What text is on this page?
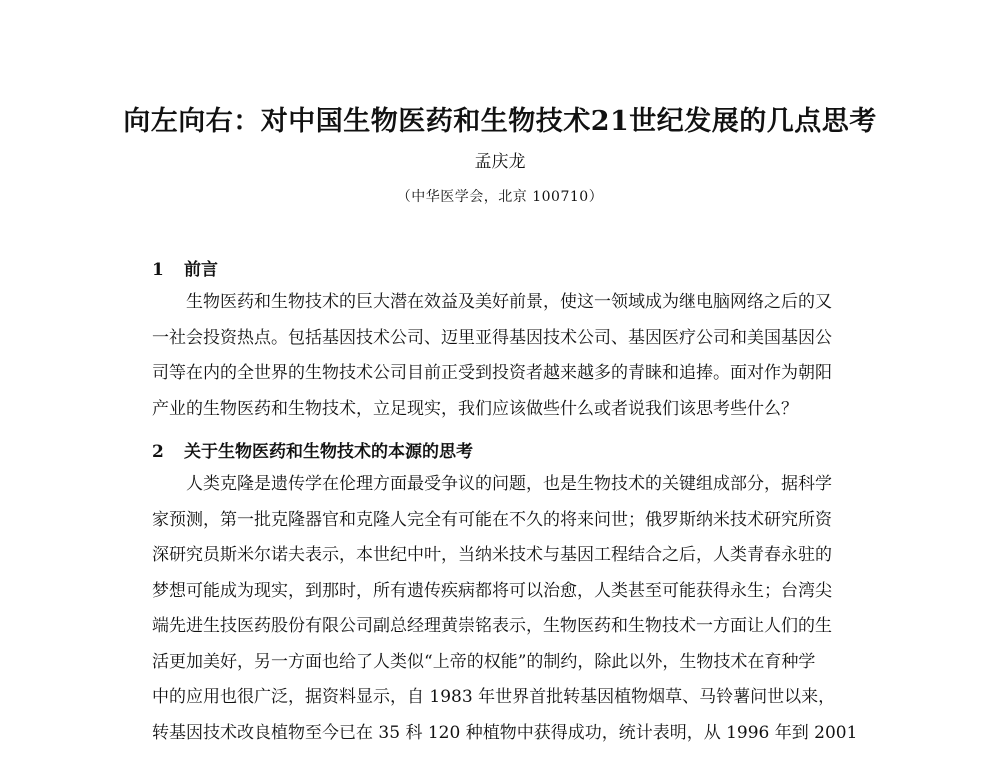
向左向右：对中国生物医药和生物技术21世纪发展的几点思考
孟庆龙
（中华医学会，北京 100710）
1 前言
生物医药和生物技术的巨大潜在效益及美好前景，使这一领域成为继电脑网络之后的又
一社会投资热点。包括基因技术公司、迈里亚得基因技术公司、基因医疗公司和美国基因公
司等在内的全世界的生物技术公司目前正受到投资者越来越多的青睐和追捧。面对作为朝阳
产业的生物医药和生物技术，立足现实，我们应该做些什么或者说我们该思考些什么？
2 关于生物医药和生物技术的本源的思考
人类克隆是遗传学在伦理方面最受争议的问题，也是生物技术的关键组成部分，据科学
家预测，第一批克隆器官和克隆人完全有可能在不久的将来问世；俄罗斯纳米技术研究所资
深研究员斯米尔诺夫表示，本世纪中叶，当纳米技术与基因工程结合之后，人类青春永驻的
梦想可能成为现实，到那时，所有遗传疾病都将可以治愈，人类甚至可能获得永生；台湾尖
端先进生技医药股份有限公司副总经理黄崇铭表示，生物医药和生物技术一方面让人们的生
活更加美好，另一方面也给了人类似“上帝的权能”的制约，除此以外，生物技术在育种学
中的应用也很广泛，据资料显示，自 1983 年世界首批转基因植物烟草、马铃薯问世以来，
转基因技术改良植物至今已在 35 科 120 种植物中获得成功，统计表明，从 1996 年到 2001
